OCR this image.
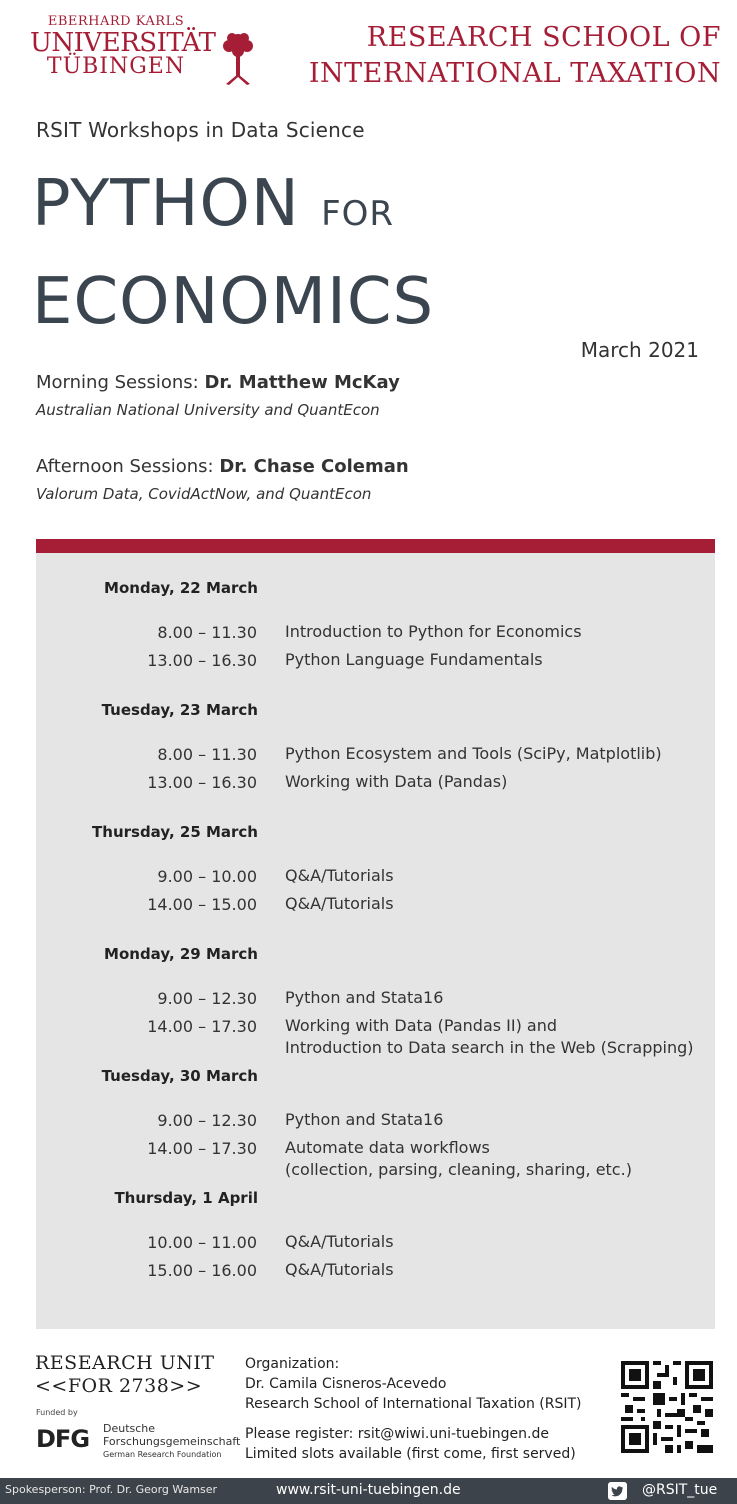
EBERHARD KARLS
UNIVERSITÄT
TÜBINGEN
RESEARCH SCHOOL OF
INTERNATIONAL TAXATION
RSIT Workshops in Data Science
PYTHON FOR
ECONOMICS
March 2021
Morning Sessions: Dr. Matthew McKay
Australian National University and QuantEcon
Afternoon Sessions: Dr. Chase Coleman
Valorum Data, CovidActNow, and QuantEcon
Monday, 22 March
8.00 – 11.30 Introduction to Python for Economics
13.00 – 16.30 Python Language Fundamentals
Tuesday, 23 March
8.00 – 11.30 Python Ecosystem and Tools (SciPy, Matplotlib)
13.00 – 16.30 Working with Data (Pandas)
Thursday, 25 March
9.00 – 10.00 Q&A/Tutorials
14.00 – 15.00 Q&A/Tutorials
Monday, 29 March
9.00 – 12.30 Python and Stata16
14.00 – 17.30 Working with Data (Pandas II) and
Introduction to Data search in the Web (Scrapping)
Tuesday, 30 March
9.00 – 12.30 Python and Stata16
14.00 – 17.30 Automate data workflows
(collection, parsing, cleaning, sharing, etc.)
Thursday, 1 April
10.00 – 11.00 Q&A/Tutorials
15.00 – 16.00 Q&A/Tutorials
RESEARCH UNIT
<<FOR 2738>>
Funded by
DFG Deutsche
Forschungsgemeinschaft
German Research Foundation
Organization:
Dr. Camila Cisneros-Acevedo
Research School of International Taxation (RSIT)
Please register: rsit@wiwi.uni-tuebingen.de
Limited slots available (first come, first served)
Spokesperson: Prof. Dr. Georg Wamser	www.rsit-uni-tuebingen.de	@RSIT_tue
